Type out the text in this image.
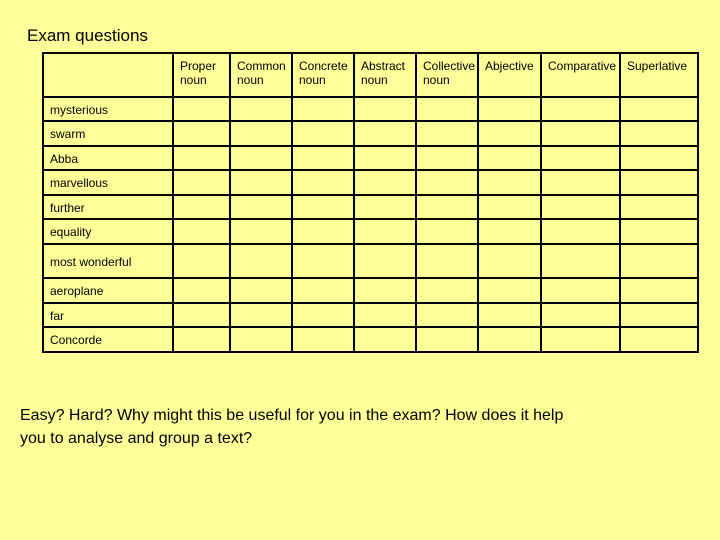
Exam questions
	Proper noun	Common noun	Concrete noun	Abstract noun	Collective noun	Abjective	Comparative	Superlative
mysterious								
swarm								
Abba								
marvellous								
further								
equality								
most wonderful								
aeroplane								
far								
Concorde								
Easy? Hard? Why might this be useful for you in the exam? How does it help you to analyse and group a text?
